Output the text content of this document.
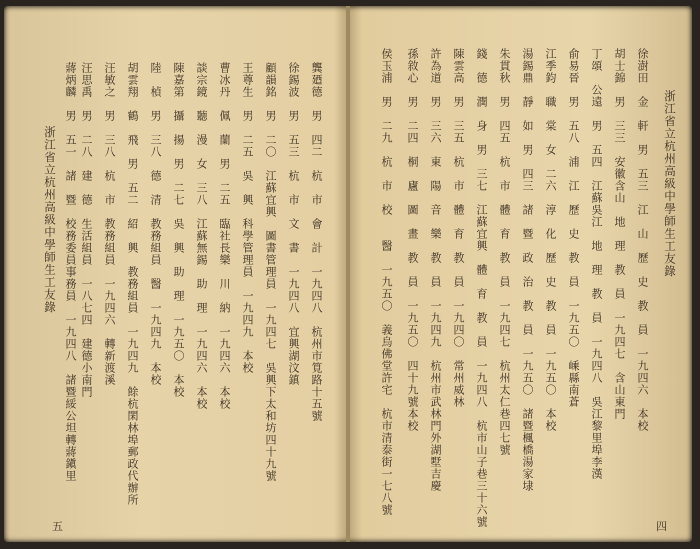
浙江省立杭州高級中學師生工友錄
五
龔廼德　男　四二　杭　市　會　計　一九四八　杭州市筧路十五號
徐錫波　男　五三　杭　市　文　書　一九四八　宜興湖汶鎮
顧韻銘　男　二〇　江蘇宜興　圖書管理員　一九四七　吳興下太和坊四十九號
王尊生　男　二五　吳　興　科學管理員　一九四九　本校
曹冰丹　佩　蘭　男　二五　臨社長樂　川　納　一九四六　本校
談宗鏡　聽　漫　女　三八　江蘇無錫　助　理　一九四六　本校
陳嘉第　攝　揚　男　二七　吳　興　助　理　一九五〇　本校
陸　楨　男　三八　德　清　教務組員　醫　一九四九　本校
胡雲翔　鶴　飛　男　五二　紹　興　教務組員　一九四九　餘杭閑林埠郵政代辦所
汪敏之　男　三八　杭　市　教務組員　一九四六　轉新渡溪
汪思禹　男　二八　建　德　生活組員　一八七四　建德小南門
蔣炳麟　男　五一　諸　暨　校務委員事務員　一九四八　諸暨綏公坦轉蔣鎭里	浙江省立杭州高級中學師生工友錄
四
徐澍田　金　軒　男　五三　江　山　歷　史　教　員　一九四六　本校
胡士錦　男　三三　安徽含山　地　理　教　員　一九四七　含山東門
丁頌　公遠　男　五四　江蘇吳江　地　理　教　員　一九四八　吳江黎里埠李漢
俞易晉　男　五八　浦　江　歷　史　教　員　一九五〇　嵊縣南蒼
江季鈞　職　棠　女　二六　淳　化　歷　史　教　員　一九五〇　本校
湯錫鼎　靜　如　男　四三　諸　暨　政　治　教　員　一九五〇　諸暨楓橋湯家埭
朱貫秋　男　四五　杭　市　體　育　教　員　一九四七　杭州太仁巷四七號
錢　德　潤　身　男　三七　江蘇宜興　體　育　教　員　一九四八　杭市山子巷三十六號
陳雲高　男　三五　杭　市　體　育　教　員　一九四〇　常州威林
許為道　男　三六　東　陽　音　樂　教　員　一九四九　杭州市武林門外湖墅吉慶
孫敘心　男　二四　桐　廬　圖　畫　教　員　一九五〇　四十九號本校
侯玉浦　男　二九　杭　市　校　　醫　一九五〇　義烏佛堂許宅　杭市清泰街一七八號
